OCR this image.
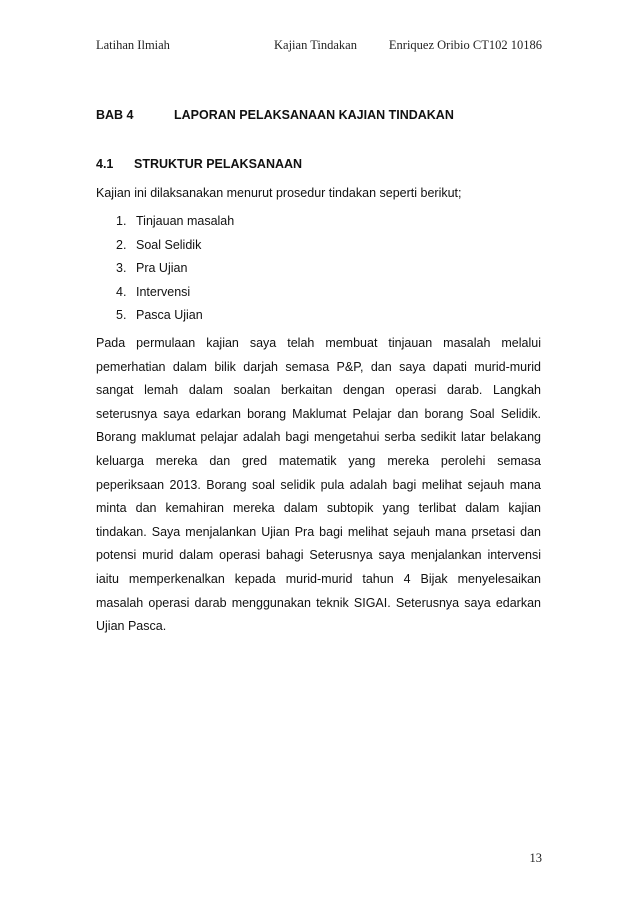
Latihan Ilmiah	Kajian Tindakan	Enriquez Oribio CT102 10186
BAB 4	LAPORAN PELAKSANAAN KAJIAN TINDAKAN
4.1 STRUKTUR PELAKSANAAN
Kajian ini dilaksanakan menurut prosedur tindakan seperti berikut;
1. Tinjauan masalah
2. Soal Selidik
3. Pra Ujian
4. Intervensi
5. Pasca Ujian
Pada permulaan kajian saya telah membuat tinjauan masalah melalui
pemerhatian dalam bilik darjah semasa P&P, dan saya dapati murid-murid
sangat lemah dalam soalan berkaitan dengan operasi darab. Langkah
seterusnya saya edarkan borang Maklumat Pelajar dan borang Soal Selidik.
Borang maklumat pelajar adalah bagi mengetahui serba sedikit latar belakang
keluarga mereka dan gred matematik yang mereka perolehi semasa
peperiksaan 2013. Borang soal selidik pula adalah bagi melihat sejauh mana
minta dan kemahiran mereka dalam subtopik yang terlibat dalam kajian
tindakan. Saya menjalankan Ujian Pra bagi melihat sejauh mana prsetasi dan
potensi murid dalam operasi bahagi Seterusnya saya menjalankan intervensi
iaitu memperkenalkan kepada murid-murid tahun 4 Bijak menyelesaikan
masalah operasi darab menggunakan teknik SIGAI. Seterusnya saya edarkan
Ujian Pasca.
13
